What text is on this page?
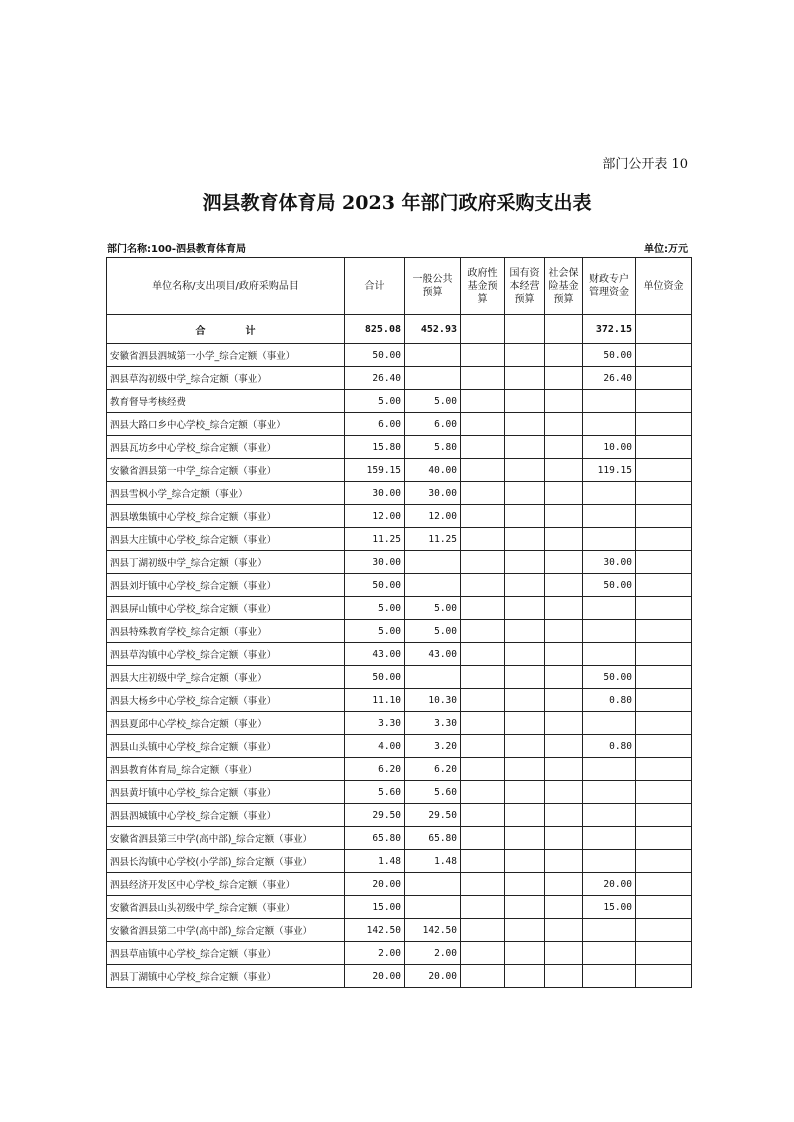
部门公开表 10
泗县教育体育局 2023 年部门政府采购支出表
部门名称:100-泗县教育体育局	单位:万元
单位名称/支出项目/政府采购品目	合计	一般公共预算	政府性基金预算	国有资本经营预算	社会保险基金预算	财政专户管理资金	单位资金
合 计	825.08	452.93				372.15	
安徽省泗县泗城第一小学_综合定额（事业）	50.00					50.00	
泗县草沟初级中学_综合定额（事业）	26.40					26.40	
教育督导考核经费	5.00	5.00					
泗县大路口乡中心学校_综合定额（事业）	6.00	6.00					
泗县瓦坊乡中心学校_综合定额（事业）	15.80	5.80				10.00	
安徽省泗县第一中学_综合定额（事业）	159.15	40.00				119.15	
泗县雪枫小学_综合定额（事业）	30.00	30.00					
泗县墩集镇中心学校_综合定额（事业）	12.00	12.00					
泗县大庄镇中心学校_综合定额（事业）	11.25	11.25					
泗县丁湖初级中学_综合定额（事业）	30.00					30.00	
泗县刘圩镇中心学校_综合定额（事业）	50.00					50.00	
泗县屏山镇中心学校_综合定额（事业）	5.00	5.00					
泗县特殊教育学校_综合定额（事业）	5.00	5.00					
泗县草沟镇中心学校_综合定额（事业）	43.00	43.00					
泗县大庄初级中学_综合定额（事业）	50.00					50.00	
泗县大杨乡中心学校_综合定额（事业）	11.10	10.30				0.80	
泗县夏邱中心学校_综合定额（事业）	3.30	3.30					
泗县山头镇中心学校_综合定额（事业）	4.00	3.20				0.80	
泗县教育体育局_综合定额（事业）	6.20	6.20					
泗县黄圩镇中心学校_综合定额（事业）	5.60	5.60					
泗县泗城镇中心学校_综合定额（事业）	29.50	29.50					
安徽省泗县第三中学(高中部)_综合定额（事业）	65.80	65.80					
泗县长沟镇中心学校(小学部)_综合定额（事业）	1.48	1.48					
泗县经济开发区中心学校_综合定额（事业）	20.00					20.00	
安徽省泗县山头初级中学_综合定额（事业）	15.00					15.00	
安徽省泗县第二中学(高中部)_综合定额（事业）	142.50	142.50					
泗县草庙镇中心学校_综合定额（事业）	2.00	2.00					
泗县丁湖镇中心学校_综合定额（事业）	20.00	20.00					
